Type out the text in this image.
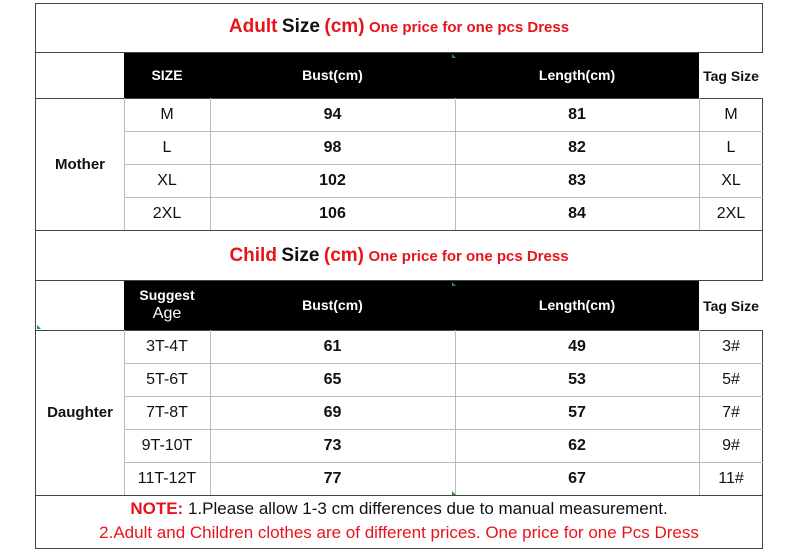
Adult Size (cm) One price for one pcs Dress
SIZE	Bust(cm)	Length(cm)	Tag Size
Mother
M	94	81	M
L	98	82	L
XL	102	83	XL
2XL	106	84	2XL
Child Size (cm) One price for one pcs Dress
Suggest
Age
Bust(cm)	Length(cm)	Tag Size
Daughter
3T-4T	61	49	3#
5T-6T	65	53	5#
7T-8T	69	57	7#
9T-10T	73	62	9#
11T-12T	77	67	11#
NOTE: 1.Please allow 1-3 cm differences due to manual measurement.
2.Adult and Children clothes are of different prices. One price for one Pcs Dress
